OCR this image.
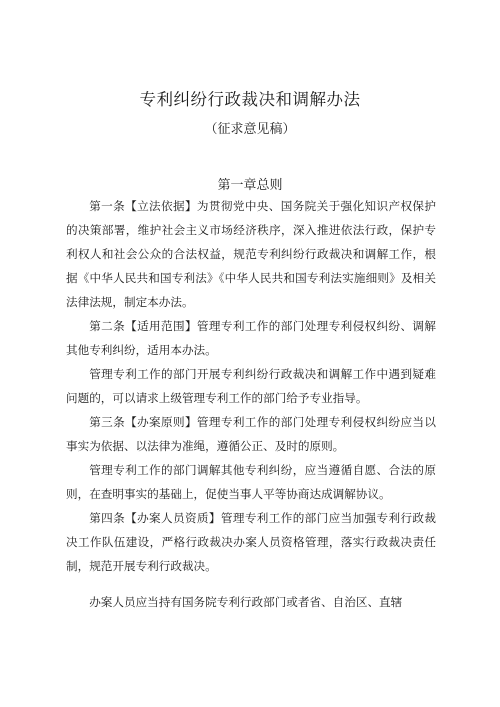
专利纠纷行政裁决和调解办法
（征求意见稿）
第一章总则

第一条【立法依据】为贯彻党中央、国务院关于强化知识产权保护的决策部署，维护社会主义市场经济秩序，深入推进依法行政，保护专利权人和社会公众的合法权益，规范专利纠纷行政裁决和调解工作，根据《中华人民共和国专利法》《中华人民共和国专利法实施细则》及相关法律法规，制定本办法。

第二条【适用范围】管理专利工作的部门处理专利侵权纠纷、调解其他专利纠纷，适用本办法。

管理专利工作的部门开展专利纠纷行政裁决和调解工作中遇到疑难问题的，可以请求上级管理专利工作的部门给予专业指导。

第三条【办案原则】管理专利工作的部门处理专利侵权纠纷应当以事实为依据、以法律为准绳，遵循公正、及时的原则。

管理专利工作的部门调解其他专利纠纷，应当遵循自愿、合法的原则，在查明事实的基础上，促使当事人平等协商达成调解协议。

第四条【办案人员资质】管理专利工作的部门应当加强专利行政裁决工作队伍建设，严格行政裁决办案人员资格管理，落实行政裁决责任制，规范开展专利行政裁决。

办案人员应当持有国务院专利行政部门或者省、自治区、直辖
